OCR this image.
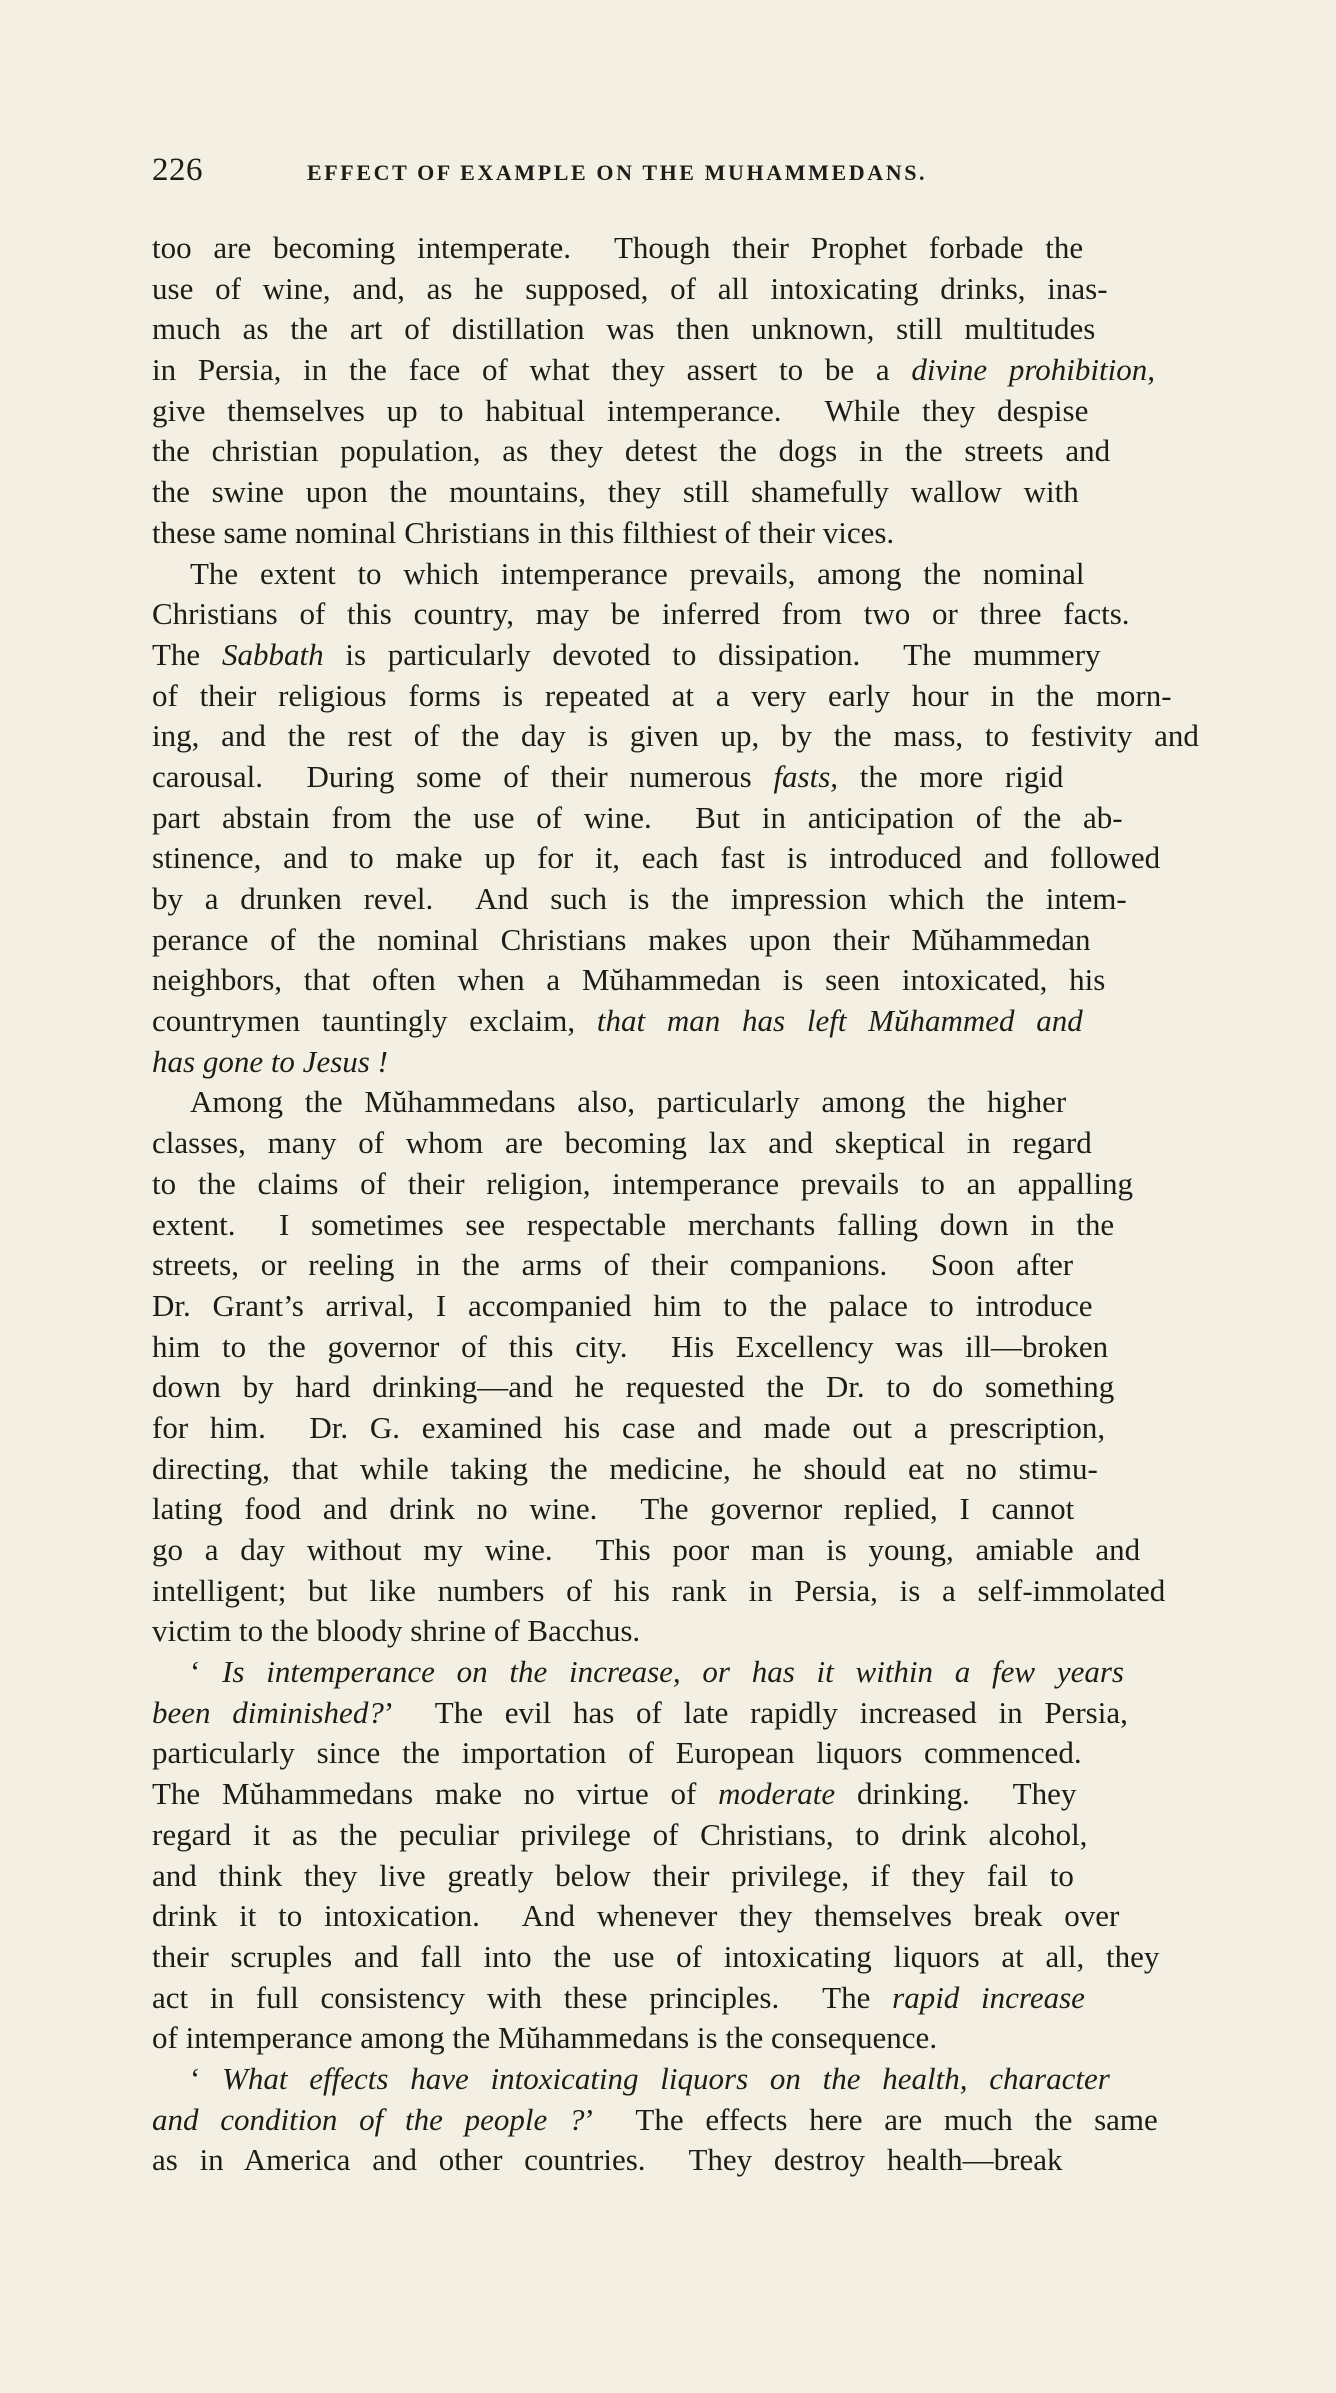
226	EFFECT OF EXAMPLE ON THE MUHAMMEDANS.
too are becoming intemperate.  Though their Prophet forbade the
use of wine, and, as he supposed, of all intoxicating drinks, inas-
much as the art of distillation was then unknown, still multitudes
in Persia, in the face of what they assert to be a divine prohibition,
give themselves up to habitual intemperance.  While they despise
the christian population, as they detest the dogs in the streets and
the swine upon the mountains, they still shamefully wallow with
these same nominal Christians in this filthiest of their vices.
The extent to which intemperance prevails, among the nominal
Christians of this country, may be inferred from two or three facts.
The Sabbath is particularly devoted to dissipation.  The mummery
of their religious forms is repeated at a very early hour in the morn-
ing, and the rest of the day is given up, by the mass, to festivity and
carousal.  During some of their numerous fasts, the more rigid
part abstain from the use of wine.  But in anticipation of the ab-
stinence, and to make up for it, each fast is introduced and followed
by a drunken revel.  And such is the impression which the intem-
perance of the nominal Christians makes upon their Mŭhammedan
neighbors, that often when a Mŭhammedan is seen intoxicated, his
countrymen tauntingly exclaim, that man has left Mŭhammed and
has gone to Jesus !
Among the Mŭhammedans also, particularly among the higher
classes, many of whom are becoming lax and skeptical in regard
to the claims of their religion, intemperance prevails to an appalling
extent.  I sometimes see respectable merchants falling down in the
streets, or reeling in the arms of their companions.  Soon after
Dr. Grant’s arrival, I accompanied him to the palace to introduce
him to the governor of this city.  His Excellency was ill—broken
down by hard drinking—and he requested the Dr. to do something
for him.  Dr. G. examined his case and made out a prescription,
directing, that while taking the medicine, he should eat no stimu-
lating food and drink no wine.  The governor replied, I cannot
go a day without my wine.  This poor man is young, amiable and
intelligent; but like numbers of his rank in Persia, is a self-immolated
victim to the bloody shrine of Bacchus.
‘ Is intemperance on the increase, or has it within a few years
been diminished?’  The evil has of late rapidly increased in Persia,
particularly since the importation of European liquors commenced.
The Mŭhammedans make no virtue of moderate drinking.  They
regard it as the peculiar privilege of Christians, to drink alcohol,
and think they live greatly below their privilege, if they fail to
drink it to intoxication.  And whenever they themselves break over
their scruples and fall into the use of intoxicating liquors at all, they
act in full consistency with these principles.  The rapid increase
of intemperance among the Mŭhammedans is the consequence.
‘ What effects have intoxicating liquors on the health, character
and condition of the people ?’  The effects here are much the same
as in America and other countries.  They destroy health—break
